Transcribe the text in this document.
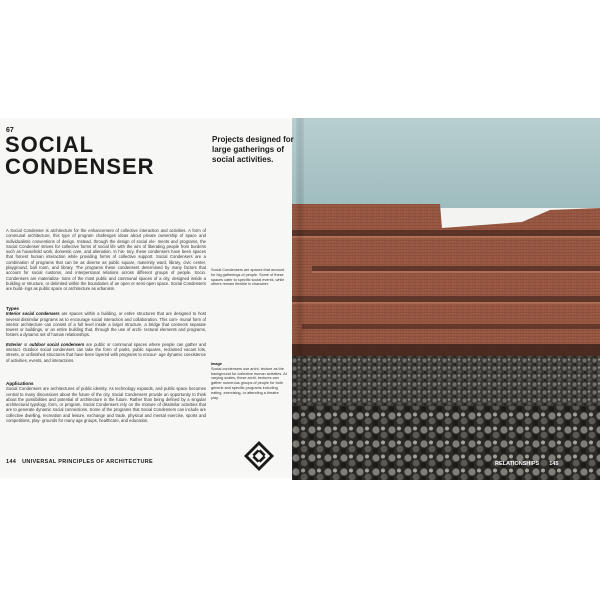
67
SOCIAL
CONDENSER
Projects designed for large gatherings of social activities.
A Social Condenser is architecture for the enhancement of collective interaction and activities. A form of communal architecture, this type of program challenges ideas about private ownership of space and individualistic conventions of design. Instead, through the design of social ele- ments and programs, the Social Condenser strives for collective forms of social life with the aim of liberating people from burdens such as household work, domestic care, and alienation. In his- tory, these condensers have been spaces that foment human interaction while providing forms of collective support. Social Condensers are a combination of programs that can be as diverse as public square, maternity ward, library, civic center, playground, ball room, and library. The programs these condensers determined by many factors that account for social customs, and interpersonal relations across different groups of people. Socio. Condensers are materializa- tions of the most public and communal spaces of a city, designed inside a building or structure, or delimited within the boundaries of an open or semi-open space. Social Condensers are build- ings as public space or architecture as urbanism.
Types
Interior social condensers are spaces within a building, or entire structures that are designed to host several dissimilar programs as to encourage social interaction and collaboration. This com- munal form of interior architecture can consist of a full level inside a larger structure, a bridge that connects separate towers or buildings, or an entire building that, through the use of archi- tectural elements and programs, fosters a dynamic set of human relationships.
Exterior or outdoor social condensers are public or communal spaces where people can gather and interact. Outdoor social condensers can take the form of parks, public squares, reclaimed vacant lots, streets, or unfinished structures that have been layered with programs to encour- age dynamic coexistence of activities, events, and interactions.
Applications
Social Condensers are architectures of public identity. As technology expands, and public space becomes central to many discussions about the future of the city, Social Condensers provide an opportunity to think about the possibilities and potential of architecture in the future. Rather than being defined by a singular architectural typology, form, or program, Social Condensers rely on the mixture of dissimilar activities that are to generate dynamic social connections. Some of the programs that Social Condensers can include are collective dwelling, recreation and leisure, exchange and trade, physical and mental exercise, sports and competitions, play- grounds for many age groups, healthcare, and education.
Social Condensers are spaces that account for big gatherings of people. Some of these spaces cater to specific social events, while others remain flexible in character.
Image
Social condensers use archi- tecture as the background for collective human activities. At varying scales, these archi- tectures can gather numerous groups of people for both generic and specific programs including eating, exercising, or attending a theatre play.
144 UNIVERSAL PRINCIPLES OF ARCHITECTURE	RELATIONSHIPS 145
